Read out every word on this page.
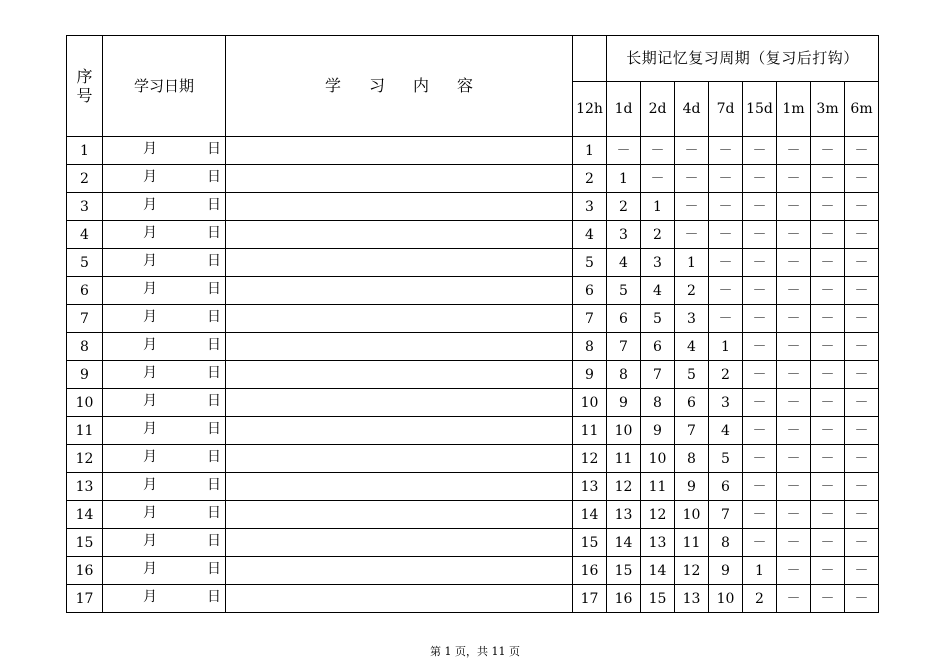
序
号	学习日期	学 习 内 容		长期记忆复习周期（复习后打钩）							
			12h	1d	2d	4d	7d	15d	1m	3m	6m
1	月 日		1	－	－	－	－	－	－	－	－
2	月 日		2	1	－	－	－	－	－	－	－
3	月 日		3	2	1	－	－	－	－	－	－
4	月 日		4	3	2	－	－	－	－	－	－
5	月 日		5	4	3	1	－	－	－	－	－
6	月 日		6	5	4	2	－	－	－	－	－
7	月 日		7	6	5	3	－	－	－	－	－
8	月 日		8	7	6	4	1	－	－	－	－
9	月 日		9	8	7	5	2	－	－	－	－
10	月 日		10	9	8	6	3	－	－	－	－
11	月 日		11	10	9	7	4	－	－	－	－
12	月 日		12	11	10	8	5	－	－	－	－
13	月 日		13	12	11	9	6	－	－	－	－
14	月 日		14	13	12	10	7	－	－	－	－
15	月 日		15	14	13	11	8	－	－	－	－
16	月 日		16	15	14	12	9	1	－	－	－
17	月 日		17	16	15	13	10	2	－	－	－
第 1 页，共 11 页
